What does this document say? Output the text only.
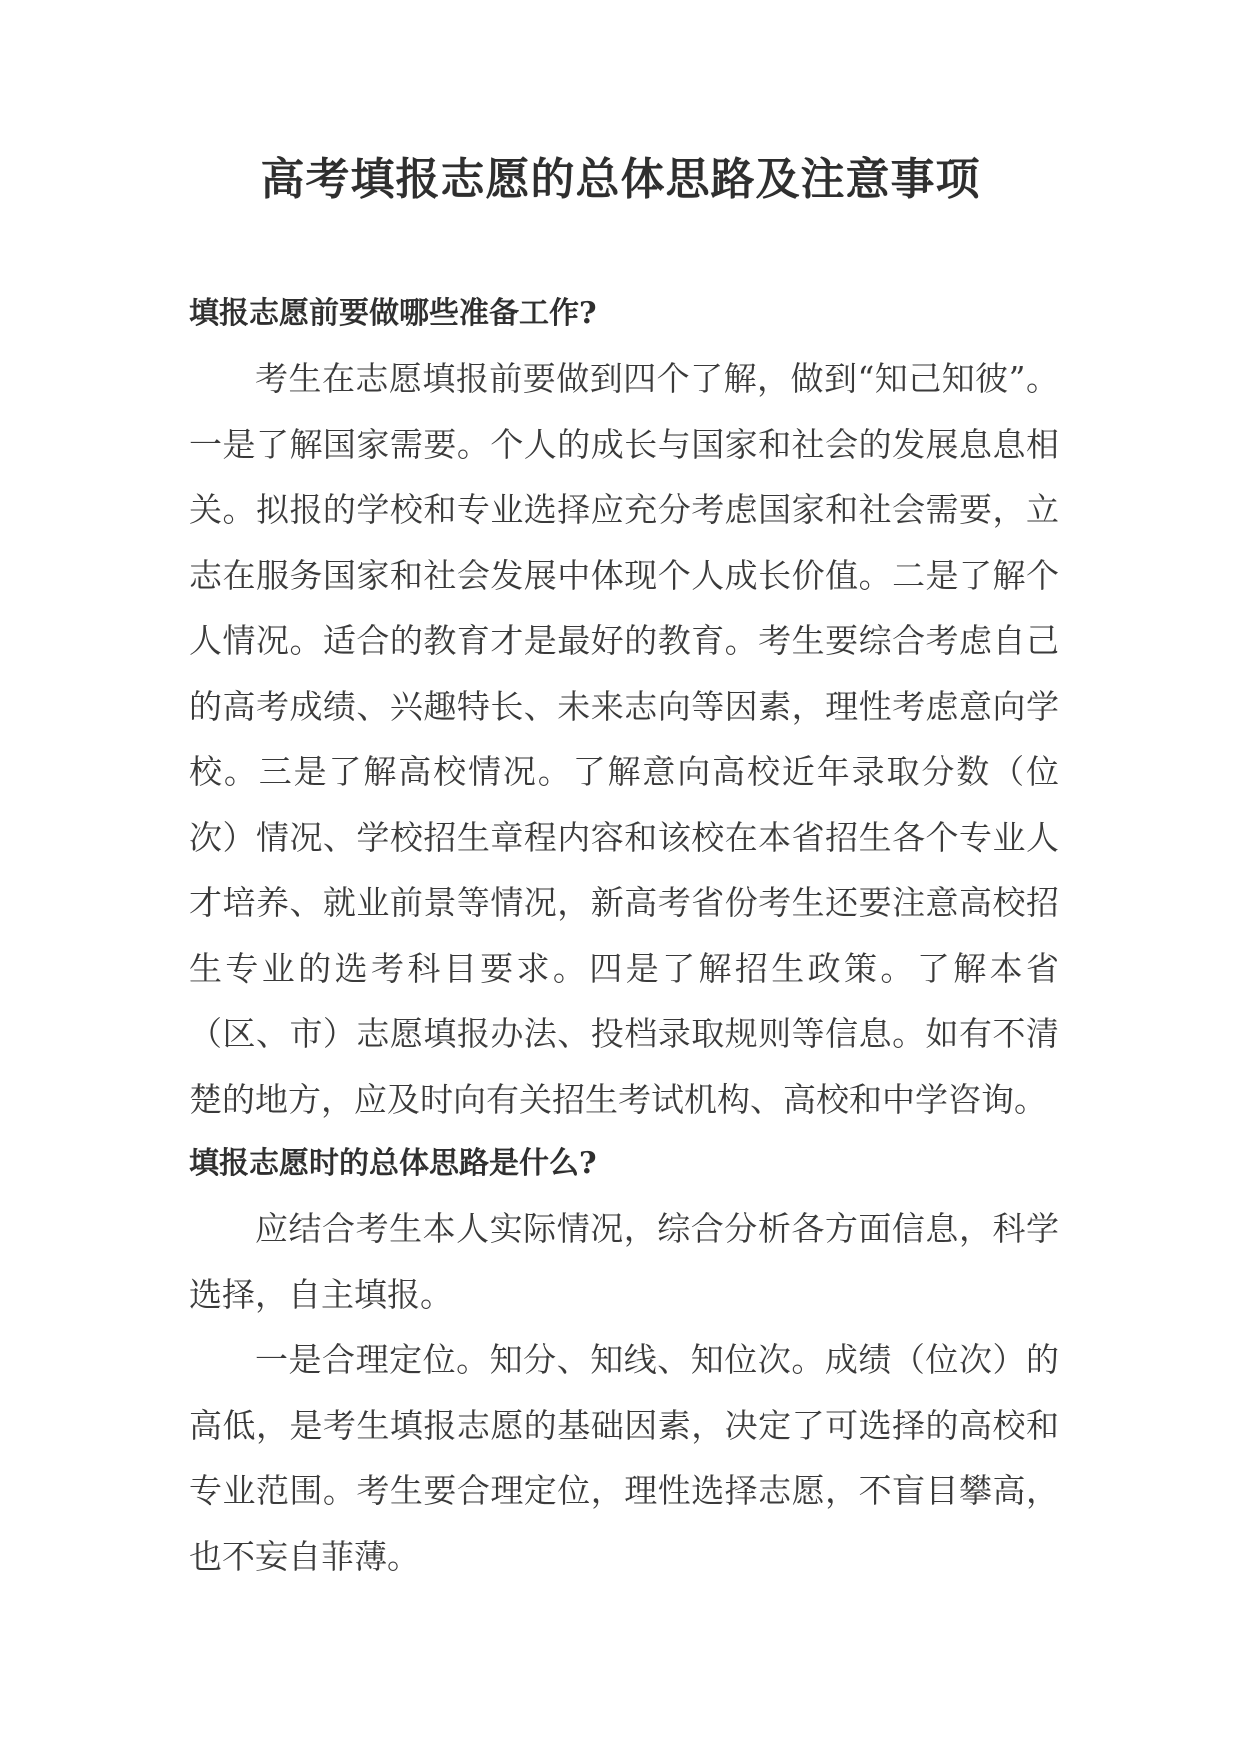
高考填报志愿的总体思路及注意事项
填报志愿前要做哪些准备工作?

考生在志愿填报前要做到四个了解，做到“知己知彼”。一是了解国家需要。个人的成长与国家和社会的发展息息相关。拟报的学校和专业选择应充分考虑国家和社会需要，立志在服务国家和社会发展中体现个人成长价值。二是了解个人情况。适合的教育才是最好的教育。考生要综合考虑自己的高考成绩、兴趣特长、未来志向等因素，理性考虑意向学校。三是了解高校情况。了解意向高校近年录取分数（位次）情况、学校招生章程内容和该校在本省招生各个专业人才培养、就业前景等情况，新高考省份考生还要注意高校招生专业的选考科目要求。四是了解招生政策。了解本省（区、市）志愿填报办法、投档录取规则等信息。如有不清楚的地方，应及时向有关招生考试机构、高校和中学咨询。

填报志愿时的总体思路是什么?

应结合考生本人实际情况，综合分析各方面信息，科学选择，自主填报。

一是合理定位。知分、知线、知位次。成绩（位次）的高低，是考生填报志愿的基础因素，决定了可选择的高校和专业范围。考生要合理定位，理性选择志愿，不盲目攀高，也不妄自菲薄。
